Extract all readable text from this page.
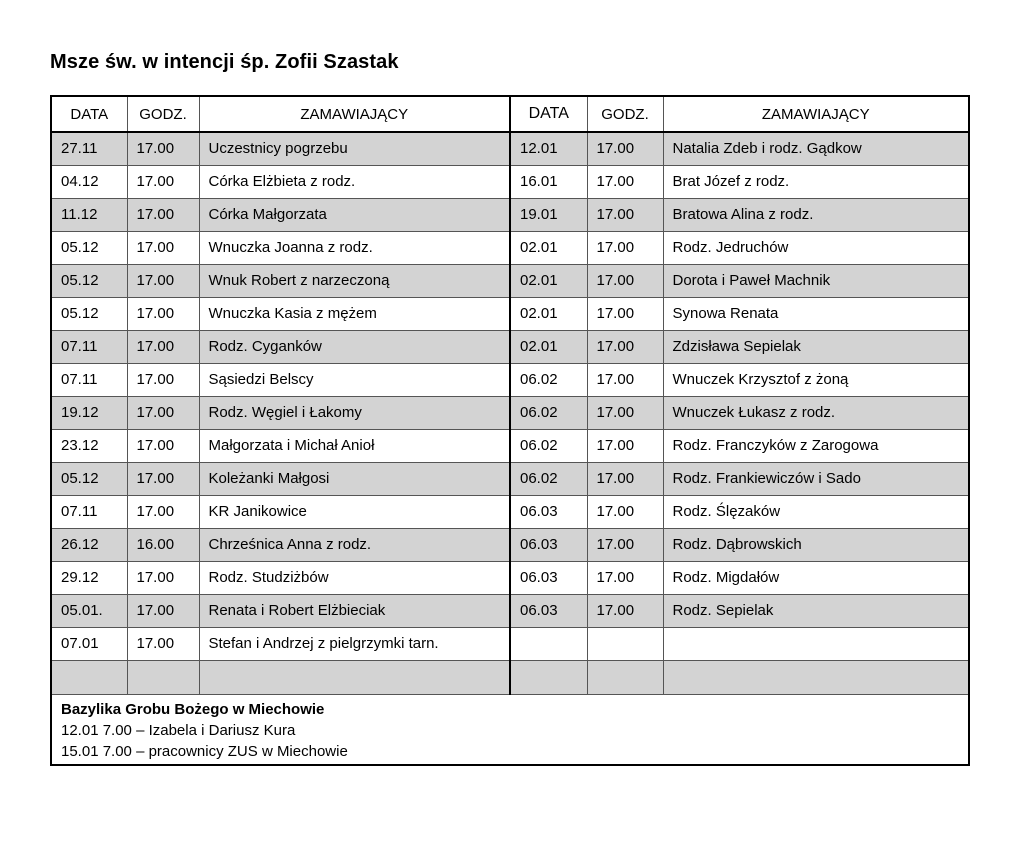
Msze św. w intencji śp. Zofii Szastak
DATA	GODZ.	ZAMAWIAJĄCY	DATA	GODZ.	ZAMAWIAJĄCY
27.11	17.00	Uczestnicy pogrzebu	12.01	17.00	Natalia Zdeb i rodz. Gądkow
04.12	17.00	Córka Elżbieta z rodz.	16.01	17.00	Brat Józef z rodz.
11.12	17.00	Córka Małgorzata	19.01	17.00	Bratowa Alina z rodz.
05.12	17.00	Wnuczka Joanna z rodz.	02.01	17.00	Rodz. Jedruchów
05.12	17.00	Wnuk Robert z narzeczoną	02.01	17.00	Dorota i Paweł Machnik
05.12	17.00	Wnuczka Kasia z mężem	02.01	17.00	Synowa Renata
07.11	17.00	Rodz. Cyganków	02.01	17.00	Zdzisława Sepielak
07.11	17.00	Sąsiedzi Belscy	06.02	17.00	Wnuczek Krzysztof z żoną
19.12	17.00	Rodz. Węgiel i Łakomy	06.02	17.00	Wnuczek Łukasz z rodz.
23.12	17.00	Małgorzata i Michał Anioł	06.02	17.00	Rodz. Franczyków z Zarogowa
05.12	17.00	Koleżanki Małgosi	06.02	17.00	Rodz. Frankiewiczów i Sado
07.11	17.00	KR Janikowice	06.03	17.00	Rodz. Ślęzaków
26.12	16.00	Chrześnica Anna z rodz.	06.03	17.00	Rodz. Dąbrowskich
29.12	17.00	Rodz. Studziżbów	06.03	17.00	Rodz. Migdałów
05.01.	17.00	Renata i Robert Elżbieciak	06.03	17.00	Rodz. Sepielak
07.01	17.00	Stefan i Andrzej z pielgrzymki tarn.			

Bazylika Grobu Bożego w Miechowie
12.01 7.00 – Izabela i Dariusz Kura
15.01 7.00 – pracownicy ZUS w Miechowie					
